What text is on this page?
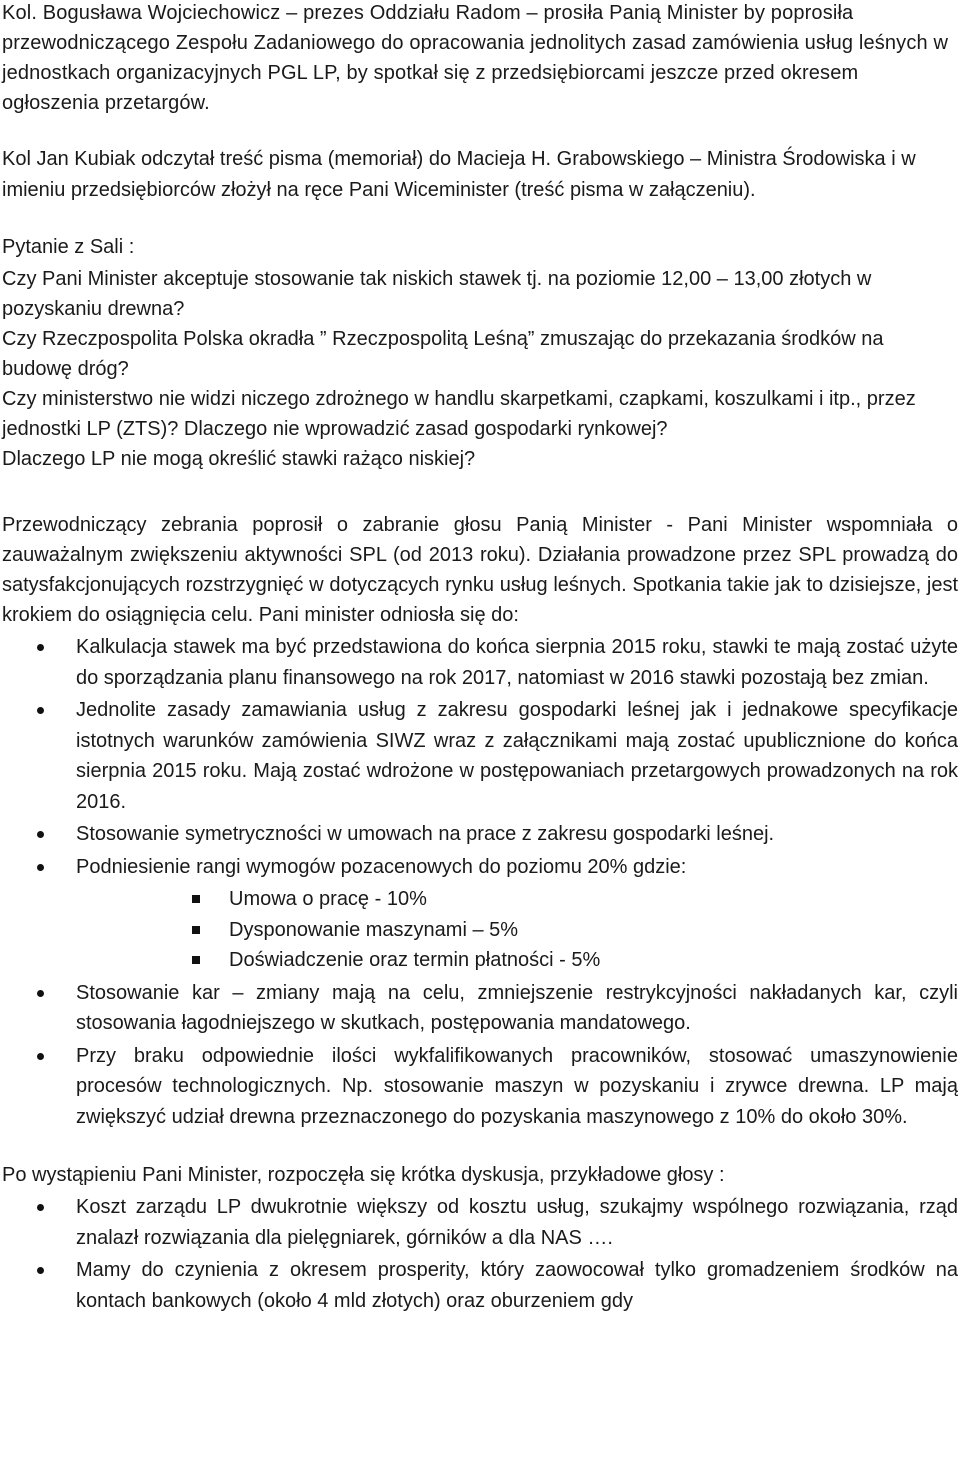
Kol. Bogusława Wojciechowicz – prezes Oddziału Radom – prosiła Panią Minister by poprosiła przewodniczącego Zespołu Zadaniowego do opracowania jednolitych zasad zamówienia usług leśnych w jednostkach organizacyjnych PGL LP, by spotkał się z przedsiębiorcami jeszcze przed okresem ogłoszenia przetargów.

Kol Jan Kubiak odczytał treść pisma (memoriał) do Macieja H. Grabowskiego – Ministra Środowiska i w imieniu przedsiębiorców złożył na ręce Pani Wiceminister (treść pisma w załączeniu).

Pytanie z Sali :

Czy Pani Minister akceptuje stosowanie tak niskich stawek tj. na poziomie 12,00 – 13,00 złotych w pozyskaniu drewna?

Czy Rzeczpospolita Polska okradła ” Rzeczpospolitą Leśną” zmuszając do przekazania środków na budowę dróg?

Czy ministerstwo nie widzi niczego zdrożnego w handlu skarpetkami, czapkami, koszulkami i itp., przez jednostki LP (ZTS)? Dlaczego nie wprowadzić zasad gospodarki rynkowej?

Dlaczego LP nie mogą określić stawki rażąco niskiej?

Przewodniczący zebrania poprosił o zabranie głosu Panią Minister - Pani Minister wspomniała o zauważalnym zwiększeniu aktywności SPL (od 2013 roku). Działania prowadzone przez SPL prowadzą do satysfakcjonujących rozstrzygnięć w dotyczących rynku usług leśnych. Spotkania takie jak to dzisiejsze, jest krokiem do osiągnięcia celu. Pani minister odniosła się do:

Kalkulacja stawek ma być przedstawiona do końca sierpnia 2015 roku, stawki te mają zostać użyte do sporządzania planu finansowego na rok 2017, natomiast w 2016 stawki pozostają bez zmian.
Jednolite zasady zamawiania usług z zakresu gospodarki leśnej jak i jednakowe specyfikacje istotnych warunków zamówienia SIWZ wraz z załącznikami mają zostać upublicznione do końca sierpnia 2015 roku. Mają zostać wdrożone w postępowaniach przetargowych prowadzonych na rok 2016.
Stosowanie symetryczności w umowach na prace z zakresu gospodarki leśnej.
Podniesienie rangi wymogów pozacenowych do poziomu 20% gdzie:
Umowa o pracę - 10%
Dysponowanie maszynami – 5%
Doświadczenie oraz termin płatności - 5%
Stosowanie kar – zmiany mają na celu, zmniejszenie restrykcyjności nakładanych kar, czyli stosowania łagodniejszego w skutkach, postępowania mandatowego.
Przy braku odpowiednie ilości wykfalifikowanych pracowników, stosować umaszynowienie procesów technologicznych. Np. stosowanie maszyn w pozyskaniu i zrywce drewna. LP mają zwiększyć udział drewna przeznaczonego do pozyskania maszynowego z 10% do około 30%.

Po wystąpieniu Pani Minister, rozpoczęła się krótka dyskusja, przykładowe głosy :

Koszt zarządu LP dwukrotnie większy od kosztu usług, szukajmy wspólnego rozwiązania, rząd znalazł rozwiązania dla pielęgniarek, górników a dla NAS ….
Mamy do czynienia z okresem prosperity, który zaowocował tylko gromadzeniem środków na kontach bankowych (około 4 mld złotych) oraz oburzeniem gdy
